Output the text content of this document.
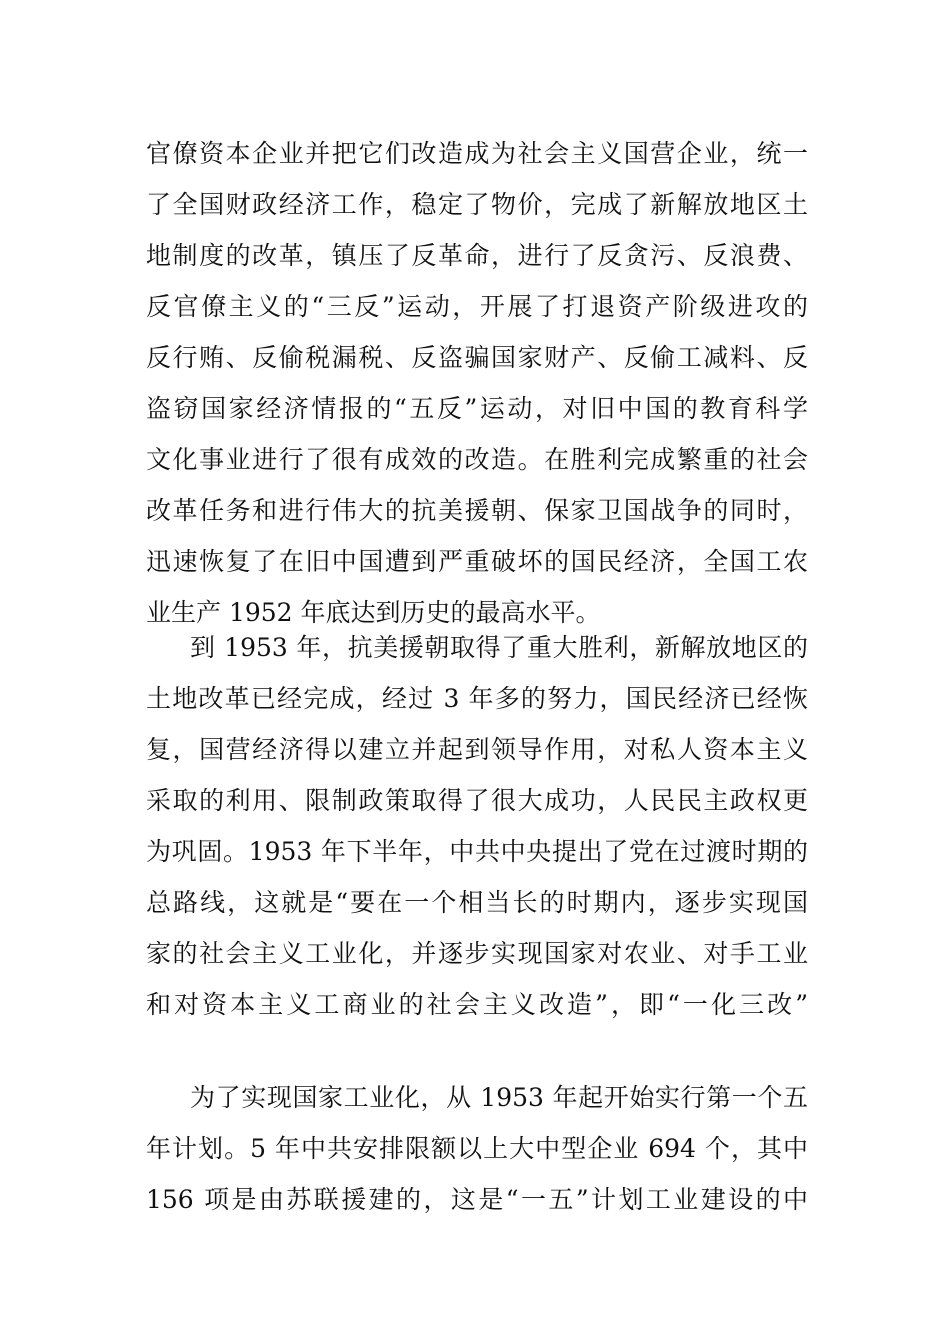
官僚资本企业并把它们改造成为社会主义国营企业，统一
了全国财政经济工作，稳定了物价，完成了新解放地区土
地制度的改革，镇压了反革命，进行了反贪污、反浪费、
反官僚主义的“三反”运动，开展了打退资产阶级进攻的
反行贿、反偷税漏税、反盗骗国家财产、反偷工减料、反
盗窃国家经济情报的“五反”运动，对旧中国的教育科学
文化事业进行了很有成效的改造。在胜利完成繁重的社会
改革任务和进行伟大的抗美援朝、保家卫国战争的同时，
迅速恢复了在旧中国遭到严重破坏的国民经济，全国工农
业生产 1952 年底达到历史的最高水平。
到 1953 年，抗美援朝取得了重大胜利，新解放地区的
土地改革已经完成，经过 3 年多的努力，国民经济已经恢
复，国营经济得以建立并起到领导作用，对私人资本主义
采取的利用、限制政策取得了很大成功，人民民主政权更
为巩固。1953 年下半年，中共中央提出了党在过渡时期的
总路线，这就是“要在一个相当长的时期内，逐步实现国
家的社会主义工业化，并逐步实现国家对农业、对手工业
和对资本主义工商业的社会主义改造”，即“一化三改”
为了实现国家工业化，从 1953 年起开始实行第一个五
年计划。5 年中共安排限额以上大中型企业 694 个，其中
156 项是由苏联援建的，这是“一五”计划工业建设的中
